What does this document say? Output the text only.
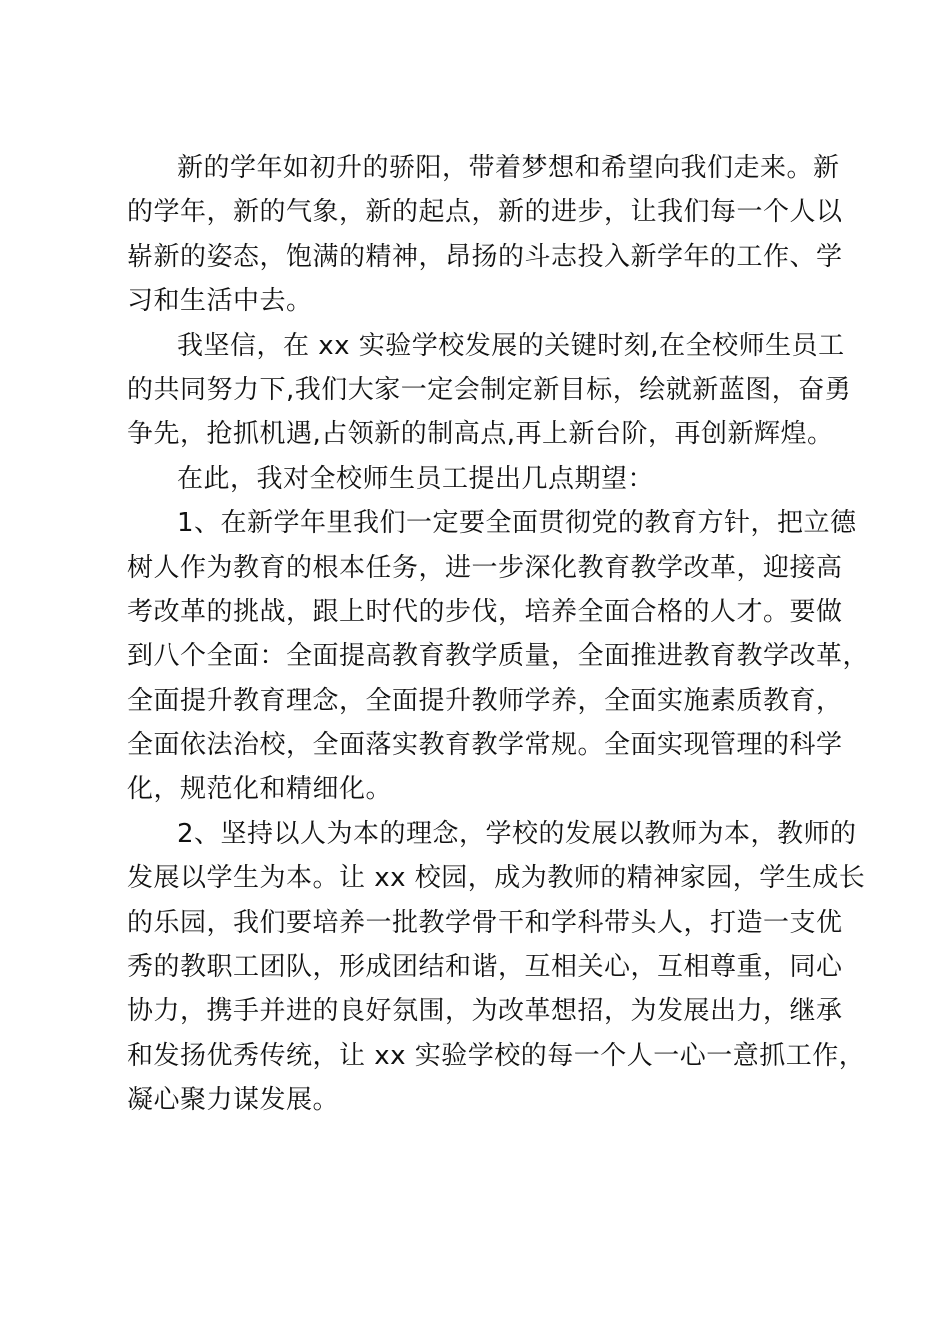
新的学年如初升的骄阳，带着梦想和希望向我们走来。新
的学年，新的气象，新的起点，新的进步，让我们每一个人以
崭新的姿态，饱满的精神，昂扬的斗志投入新学年的工作、学
习和生活中去。
我坚信，在 xx 实验学校发展的关键时刻,在全校师生员工
的共同努力下,我们大家一定会制定新目标，绘就新蓝图，奋勇
争先，抢抓机遇,占领新的制高点,再上新台阶，再创新辉煌。
在此，我对全校师生员工提出几点期望：
1、在新学年里我们一定要全面贯彻党的教育方针，把立德
树人作为教育的根本任务，进一步深化教育教学改革，迎接高
考改革的挑战，跟上时代的步伐，培养全面合格的人才。要做
到八个全面：全面提高教育教学质量，全面推进教育教学改革，
全面提升教育理念，全面提升教师学养，全面实施素质教育，
全面依法治校，全面落实教育教学常规。全面实现管理的科学
化，规范化和精细化。
2、坚持以人为本的理念，学校的发展以教师为本，教师的
发展以学生为本。让 xx 校园，成为教师的精神家园，学生成长
的乐园，我们要培养一批教学骨干和学科带头人，打造一支优
秀的教职工团队，形成团结和谐，互相关心，互相尊重，同心
协力，携手并进的良好氛围，为改革想招，为发展出力，继承
和发扬优秀传统，让 xx 实验学校的每一个人一心一意抓工作，
凝心聚力谋发展。
